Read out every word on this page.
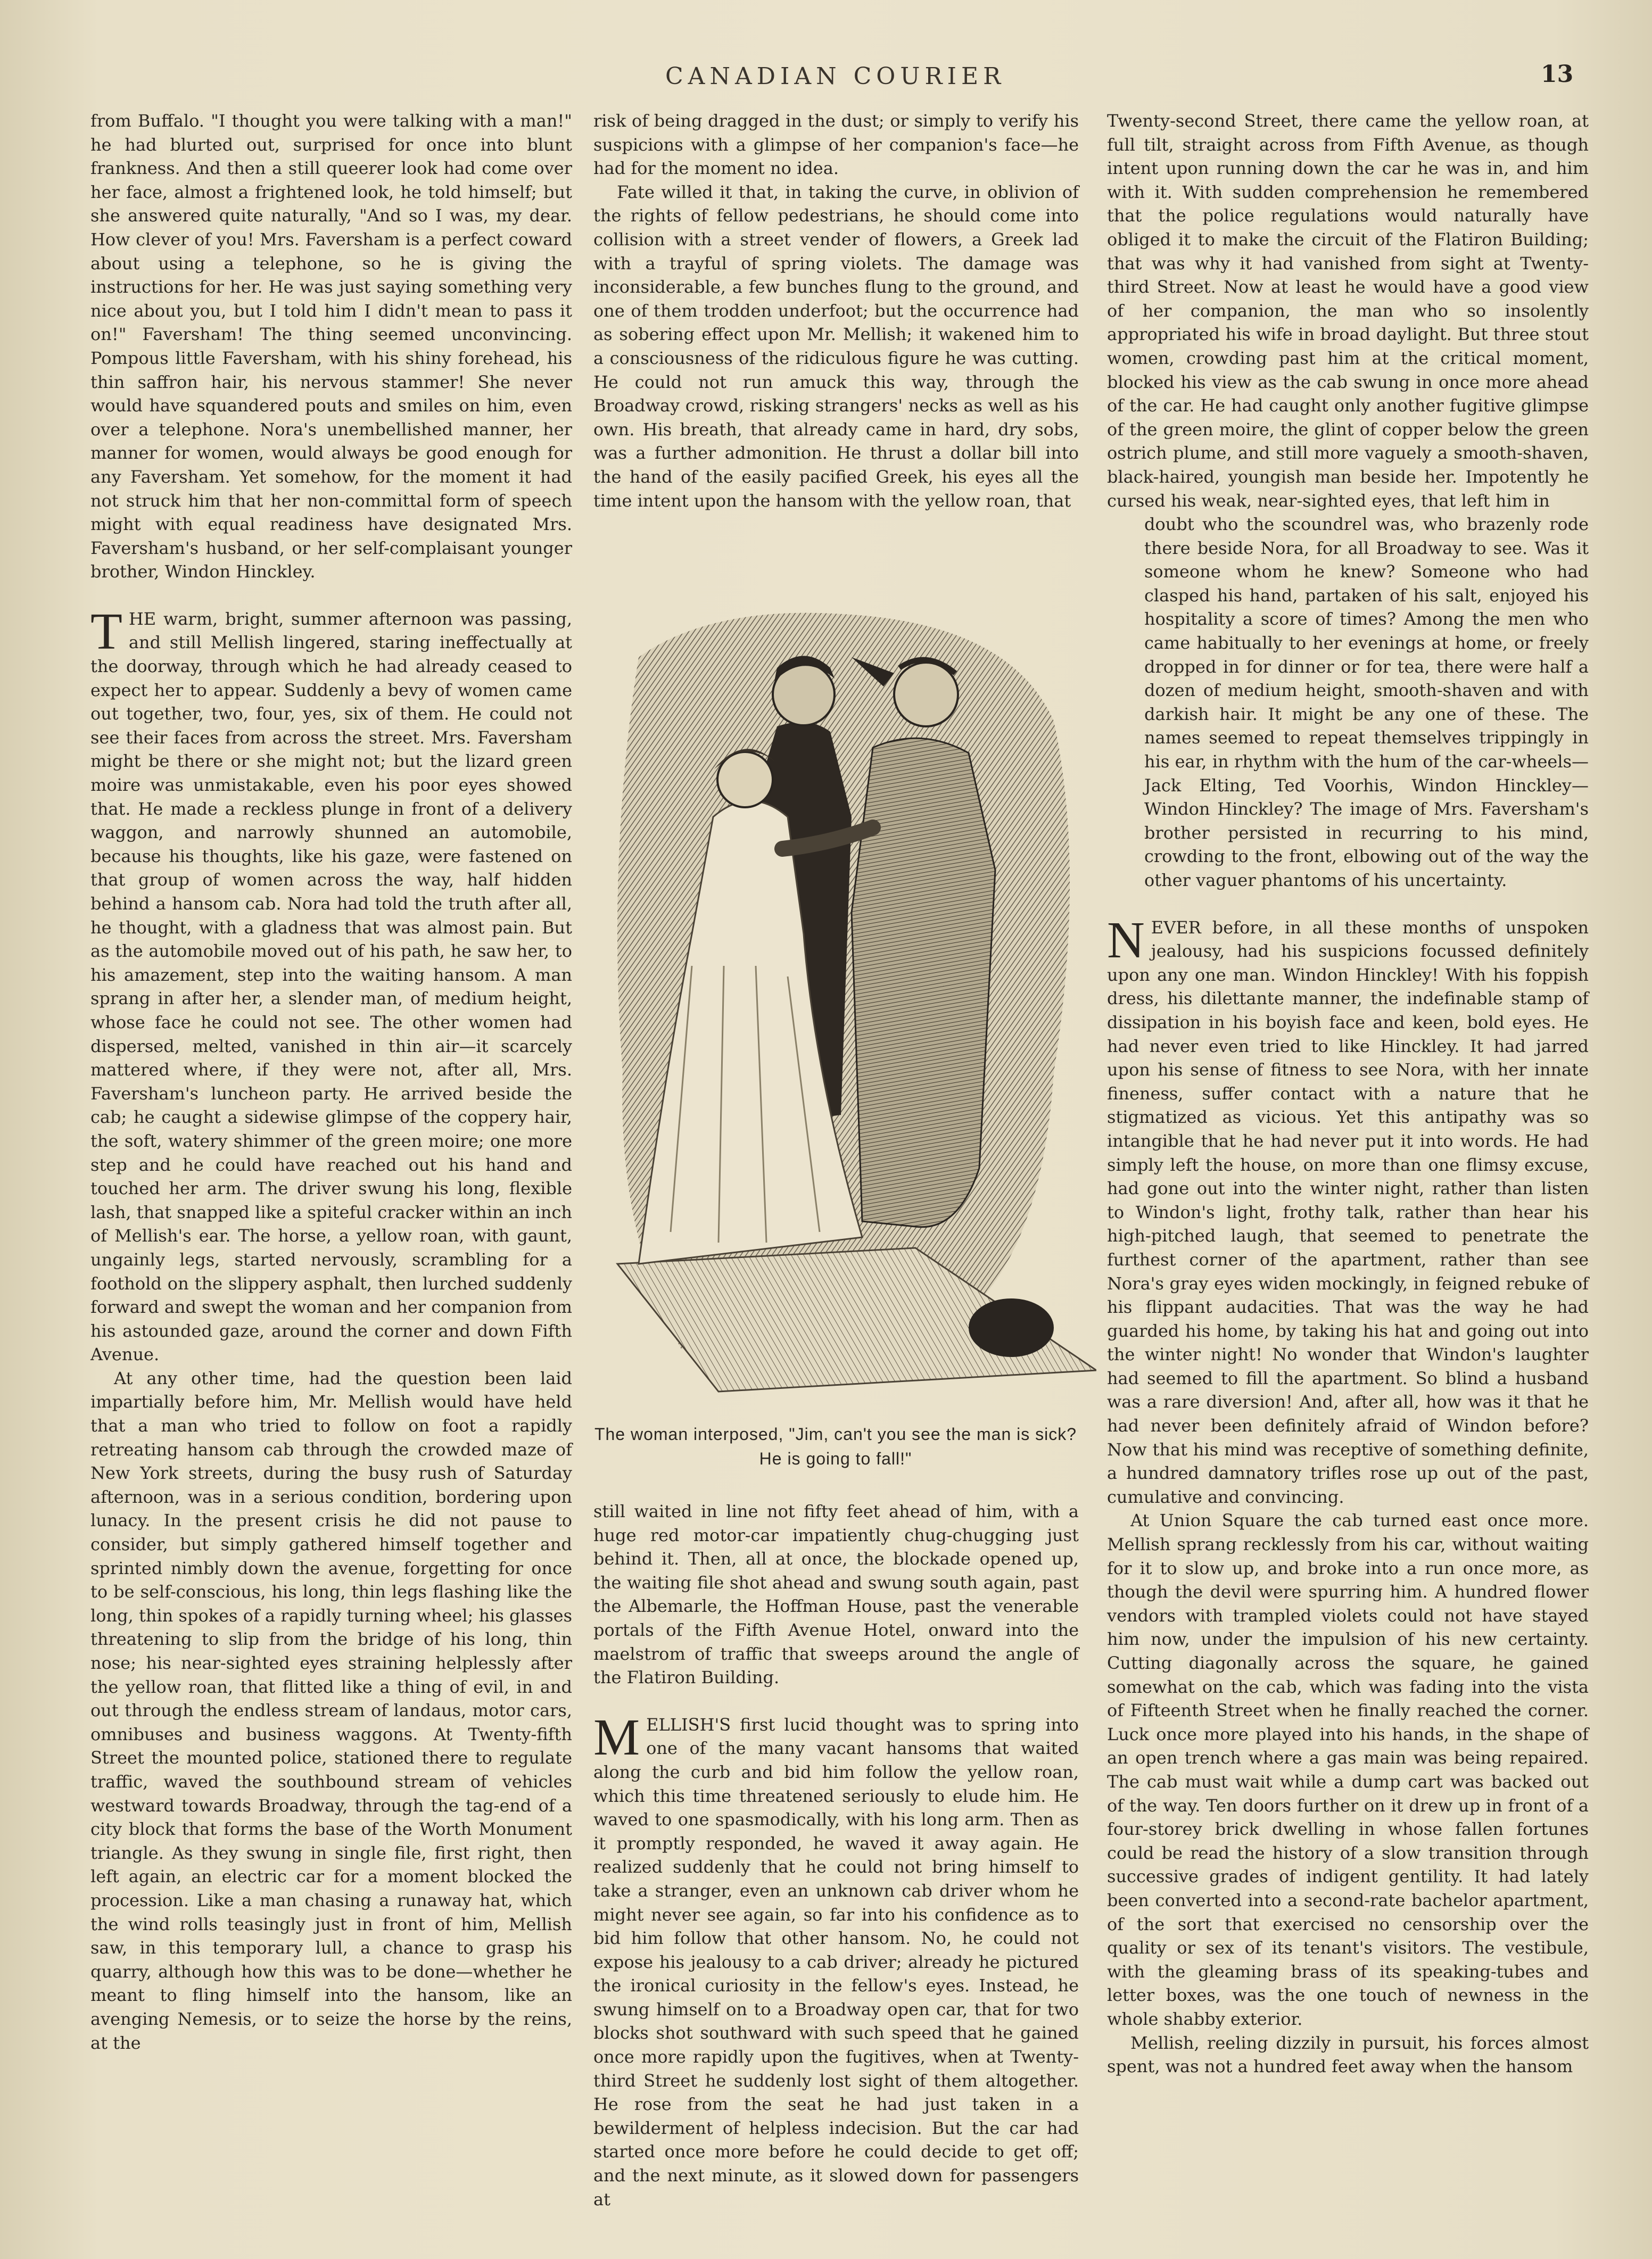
CANADIAN COURIER	13

from Buffalo. "I thought you were talking with a man!" he had blurted out, surprised for once into blunt frankness. And then a still queerer look had come over her face, almost a frightened look, he told himself; but she answered quite naturally, "And so I was, my dear. How clever of you! Mrs. Faversham is a perfect coward about using a telephone, so he is giving the instructions for her. He was just saying something very nice about you, but I told him I didn't mean to pass it on!" Faversham! The thing seemed unconvincing. Pompous little Faversham, with his shiny forehead, his thin saffron hair, his nervous stammer! She never would have squandered pouts and smiles on him, even over a telephone. Nora's unembellished manner, her manner for women, would always be good enough for any Faversham. Yet somehow, for the moment it had not struck him that her non-committal form of speech might with equal readiness have designated Mrs. Faversham's husband, or her self-complaisant younger brother, Windon Hinckley.

THE warm, bright, summer afternoon was passing, and still Mellish lingered, staring ineffectually at the doorway, through which he had already ceased to expect her to appear. Suddenly a bevy of women came out together, two, four, yes, six of them. He could not see their faces from across the street. Mrs. Faversham might be there or she might not; but the lizard green moire was unmistakable, even his poor eyes showed that. He made a reckless plunge in front of a delivery waggon, and narrowly shunned an automobile, because his thoughts, like his gaze, were fastened on that group of women across the way, half hidden behind a hansom cab. Nora had told the truth after all, he thought, with a gladness that was almost pain. But as the automobile moved out of his path, he saw her, to his amazement, step into the waiting hansom. A man sprang in after her, a slender man, of medium height, whose face he could not see. The other women had dispersed, melted, vanished in thin air—it scarcely mattered where, if they were not, after all, Mrs. Faversham's luncheon party. He arrived beside the cab; he caught a sidewise glimpse of the coppery hair, the soft, watery shimmer of the green moire; one more step and he could have reached out his hand and touched her arm. The driver swung his long, flexible lash, that snapped like a spiteful cracker within an inch of Mellish's ear. The horse, a yellow roan, with gaunt, ungainly legs, started nervously, scrambling for a foothold on the slippery asphalt, then lurched suddenly forward and swept the woman and her companion from his astounded gaze, around the corner and down Fifth Avenue.

At any other time, had the question been laid impartially before him, Mr. Mellish would have held that a man who tried to follow on foot a rapidly retreating hansom cab through the crowded maze of New York streets, during the busy rush of Saturday afternoon, was in a serious condition, bordering upon lunacy. In the present crisis he did not pause to consider, but simply gathered himself together and sprinted nimbly down the avenue, forgetting for once to be self-conscious, his long, thin legs flashing like the long, thin spokes of a rapidly turning wheel; his glasses threatening to slip from the bridge of his long, thin nose; his near-sighted eyes straining helplessly after the yellow roan, that flitted like a thing of evil, in and out through the endless stream of landaus, motor cars, omnibuses and business waggons. At Twenty-fifth Street the mounted police, stationed there to regulate traffic, waved the southbound stream of vehicles westward towards Broadway, through the tag-end of a city block that forms the base of the Worth Monument triangle. As they swung in single file, first right, then left again, an electric car for a moment blocked the procession. Like a man chasing a runaway hat, which the wind rolls teasingly just in front of him, Mellish saw, in this temporary lull, a chance to grasp his quarry, although how this was to be done—whether he meant to fling himself into the hansom, like an avenging Nemesis, or to seize the horse by the reins, at the

risk of being dragged in the dust; or simply to verify his suspicions with a glimpse of her companion's face—he had for the moment no idea.

Fate willed it that, in taking the curve, in oblivion of the rights of fellow pedestrians, he should come into collision with a street vender of flowers, a Greek lad with a trayful of spring violets. The damage was inconsiderable, a few bunches flung to the ground, and one of them trodden underfoot; but the occurrence had as sobering effect upon Mr. Mellish; it wakened him to a consciousness of the ridiculous figure he was cutting. He could not run amuck this way, through the Broadway crowd, risking strangers' necks as well as his own. His breath, that already came in hard, dry sobs, was a further admonition. He thrust a dollar bill into the hand of the easily pacified Greek, his eyes all the time intent upon the hansom with the yellow roan, that

The woman interposed, "Jim, can't you see the man is sick?
He is going to fall!"

still waited in line not fifty feet ahead of him, with a huge red motor-car impatiently chug-chugging just behind it. Then, all at once, the blockade opened up, the waiting file shot ahead and swung south again, past the Albemarle, the Hoffman House, past the venerable portals of the Fifth Avenue Hotel, onward into the maelstrom of traffic that sweeps around the angle of the Flatiron Building.

MELLISH'S first lucid thought was to spring into one of the many vacant hansoms that waited along the curb and bid him follow the yellow roan, which this time threatened seriously to elude him. He waved to one spasmodically, with his long arm. Then as it promptly responded, he waved it away again. He realized suddenly that he could not bring himself to take a stranger, even an unknown cab driver whom he might never see again, so far into his confidence as to bid him follow that other hansom. No, he could not expose his jealousy to a cab driver; already he pictured the ironical curiosity in the fellow's eyes. Instead, he swung himself on to a Broadway open car, that for two blocks shot southward with such speed that he gained once more rapidly upon the fugitives, when at Twenty-third Street he suddenly lost sight of them altogether. He rose from the seat he had just taken in a bewilderment of helpless indecision. But the car had started once more before he could decide to get off; and the next minute, as it slowed down for passengers at

Twenty-second Street, there came the yellow roan, at full tilt, straight across from Fifth Avenue, as though intent upon running down the car he was in, and him with it. With sudden comprehension he remembered that the police regulations would naturally have obliged it to make the circuit of the Flatiron Building; that was why it had vanished from sight at Twenty-third Street. Now at least he would have a good view of her companion, the man who so insolently appropriated his wife in broad daylight. But three stout women, crowding past him at the critical moment, blocked his view as the cab swung in once more ahead of the car. He had caught only another fugitive glimpse of the green moire, the glint of copper below the green ostrich plume, and still more vaguely a smooth-shaven, black-haired, youngish man beside her. Impotently he cursed his weak, near-sighted eyes, that left him in

doubt who the scoundrel was, who brazenly rode there beside Nora, for all Broadway to see. Was it someone whom he knew? Someone who had clasped his hand, partaken of his salt, enjoyed his hospitality a score of times? Among the men who came habitually to her evenings at home, or freely dropped in for dinner or for tea, there were half a dozen of medium height, smooth-shaven and with darkish hair. It might be any one of these. The names seemed to repeat themselves trippingly in his ear, in rhythm with the hum of the car-wheels—Jack Elting, Ted Voorhis, Windon Hinckley—Windon Hinckley? The image of Mrs. Faversham's brother persisted in recurring to his mind, crowding to the front, elbowing out of the way the other vaguer phantoms of his uncertainty.

NEVER before, in all these months of unspoken jealousy, had his suspicions focussed definitely upon any one man. Windon Hinckley! With his foppish dress, his dilettante manner, the indefinable stamp of dissipation in his boyish face and keen, bold eyes. He had never even tried to like Hinckley. It had jarred upon his sense of fitness to see Nora, with her innate fineness, suffer contact with a nature that he stigmatized as vicious. Yet this antipathy was so intangible that he had never put it into words. He had simply left the house, on more than one flimsy excuse, had gone out into the winter night, rather than listen to Windon's light, frothy talk, rather than hear his high-pitched laugh, that seemed to penetrate the furthest corner of the apartment, rather than see Nora's gray eyes widen mockingly, in feigned rebuke of his flippant audacities. That was the way he had guarded his home, by taking his hat and going out into the winter night! No wonder that Windon's laughter had seemed to fill the apartment. So blind a husband was a rare diversion! And, after all, how was it that he had never been definitely afraid of Windon before? Now that his mind was receptive of something definite, a hundred damnatory trifles rose up out of the past, cumulative and convincing.

At Union Square the cab turned east once more. Mellish sprang recklessly from his car, without waiting for it to slow up, and broke into a run once more, as though the devil were spurring him. A hundred flower vendors with trampled violets could not have stayed him now, under the impulsion of his new certainty. Cutting diagonally across the square, he gained somewhat on the cab, which was fading into the vista of Fifteenth Street when he finally reached the corner. Luck once more played into his hands, in the shape of an open trench where a gas main was being repaired. The cab must wait while a dump cart was backed out of the way. Ten doors further on it drew up in front of a four-storey brick dwelling in whose fallen fortunes could be read the history of a slow transition through successive grades of indigent gentility. It had lately been converted into a second-rate bachelor apartment, of the sort that exercised no censorship over the quality or sex of its tenant's visitors. The vestibule, with the gleaming brass of its speaking-tubes and letter boxes, was the one touch of newness in the whole shabby exterior.

Mellish, reeling dizzily in pursuit, his forces almost spent, was not a hundred feet away when the hansom
